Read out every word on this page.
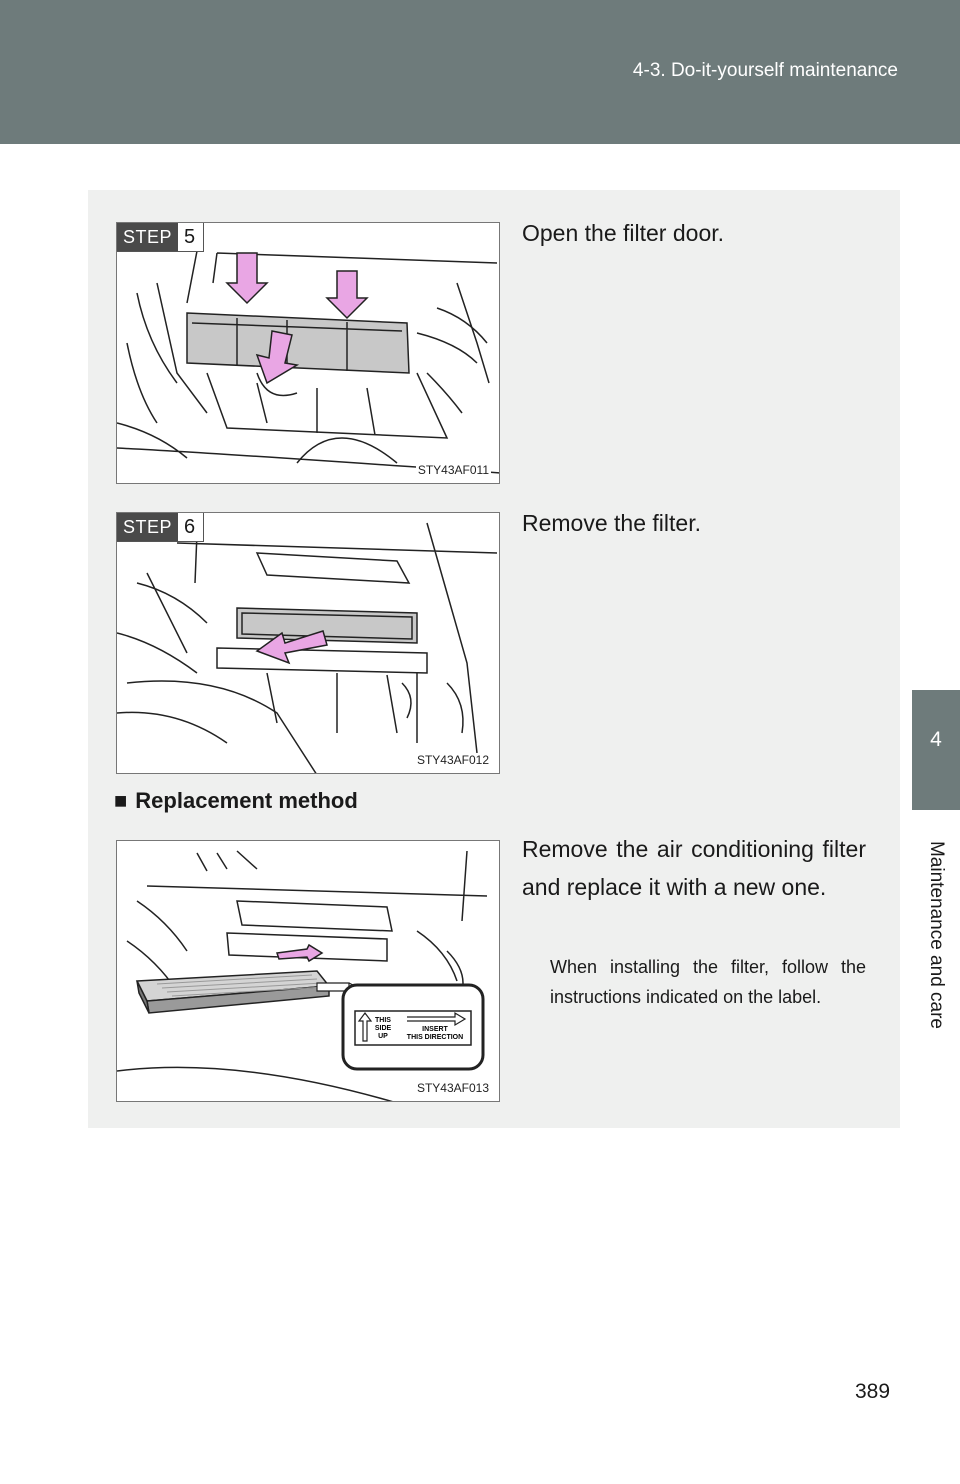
4-3. Do-it-yourself maintenance
4
Maintenance and care
STEP 5
STY43AF011
Open the filter door.
STEP 6
STY43AF012
Remove the filter.
■ Replacement method
THIS
SIDE
UP
INSERT
THIS DIRECTION
STY43AF013
Remove the air conditioning filter and replace it with a new one.
When installing the filter, follow the instructions indicated on the label.
389
